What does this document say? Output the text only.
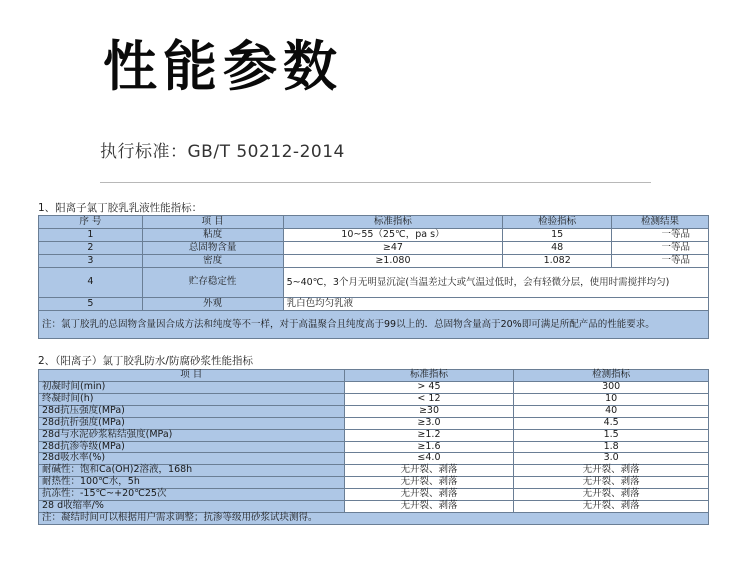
性能参数
执行标准：GB/T 50212-2014
1、阳离子氯丁胶乳乳液性能指标：
序 号	项 目	标准指标	检验指标	检测结果
1	粘度	10~55（25℃，pa s）	15	一等品
2	总固物含量	≥47	48	一等品
3	密度	≥1.080	1.082	一等品
4	贮存稳定性	5~40℃，3个月无明显沉淀(当温差过大或气温过低时，会有轻微分层，使用时需搅拌均匀)		
5	外观	乳白色均匀乳液		
注：氯丁胶乳的总固物含量因合成方法和纯度等不一样，对于高温聚合且纯度高于99以上的．总固物含量高于20%即可满足所配产品的性能要求。				
2、（阳离子）氯丁胶乳防水/防腐砂浆性能指标
项 目	标准指标	检测指标
初凝时间(min)	> 45	300
终凝时间(h)	< 12	10
28d抗压强度(MPa)	≥30	40
28d抗折强度(MPa)	≥3.0	4.5
28d与水泥砂浆粘结强度(MPa)	≥1.2	1.5
28d抗渗等级(MPa)	≥1.6	1.8
28d吸水率(%)	≤4.0	3.0
耐碱性：饱和Ca(OH)2溶液，168h	无开裂、剥落	无开裂、剥落
耐热性：100℃水，5h	无开裂、剥落	无开裂、剥落
抗冻性：-15℃~+20℃25次	无开裂、剥落	无开裂、剥落
28 d收缩率/%	无开裂、剥落	无开裂、剥落
注：凝结时间可以根据用户需求调整；抗渗等级用砂浆试块测得。		
